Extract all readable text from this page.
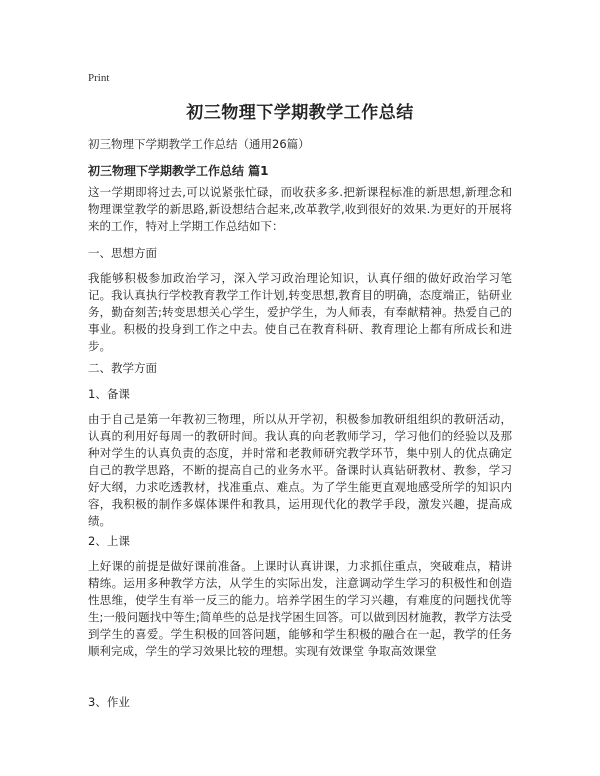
Print
初三物理下学期教学工作总结

初三物理下学期教学工作总结（通用26篇）

初三物理下学期教学工作总结 篇1

这一学期即将过去,可以说紧张忙碌，而收获多多.把新课程标准的新思想,新理念和物理课堂教学的新思路,新设想结合起来,改革教学,收到很好的效果.为更好的开展将来的工作，特对上学期工作总结如下：

一、思想方面

我能够积极参加政治学习，深入学习政治理论知识，认真仔细的做好政治学习笔记。我认真执行学校教育教学工作计划,转变思想,教育目的明确，态度端正，钻研业务，勤奋刻苦;转变思想关心学生，爱护学生，为人师表，有奉献精神。热爱自己的事业。积极的投身到工作之中去。使自己在教育科研、教育理论上都有所成长和进步。

二、教学方面

1、备课

由于自己是第一年教初三物理，所以从开学初，积极参加教研组组织的教研活动，认真的利用好每周一的教研时间。我认真的向老教师学习，学习他们的经验以及那种对学生的认真负责的态度，并时常和老教师研究教学环节，集中别人的优点确定自己的教学思路，不断的提高自己的业务水平。备课时认真钻研教材、教参，学习好大纲，力求吃透教材，找准重点、难点。为了学生能更直观地感受所学的知识内容，我积极的制作多媒体课件和教具，运用现代化的教学手段，激发兴趣，提高成绩。

2、上课

上好课的前提是做好课前准备。上课时认真讲课，力求抓住重点，突破难点，精讲精练。运用多种教学方法，从学生的实际出发，注意调动学生学习的积极性和创造性思维，使学生有举一反三的能力。培养学困生的学习兴趣，有难度的问题找优等生;一般问题找中等生;简单些的总是找学困生回答。可以做到因材施教，教学方法受到学生的喜爱。学生积极的回答问题，能够和学生积极的融合在一起，教学的任务顺利完成，学生的学习效果比较的理想。实现有效课堂 争取高效课堂

3、作业
